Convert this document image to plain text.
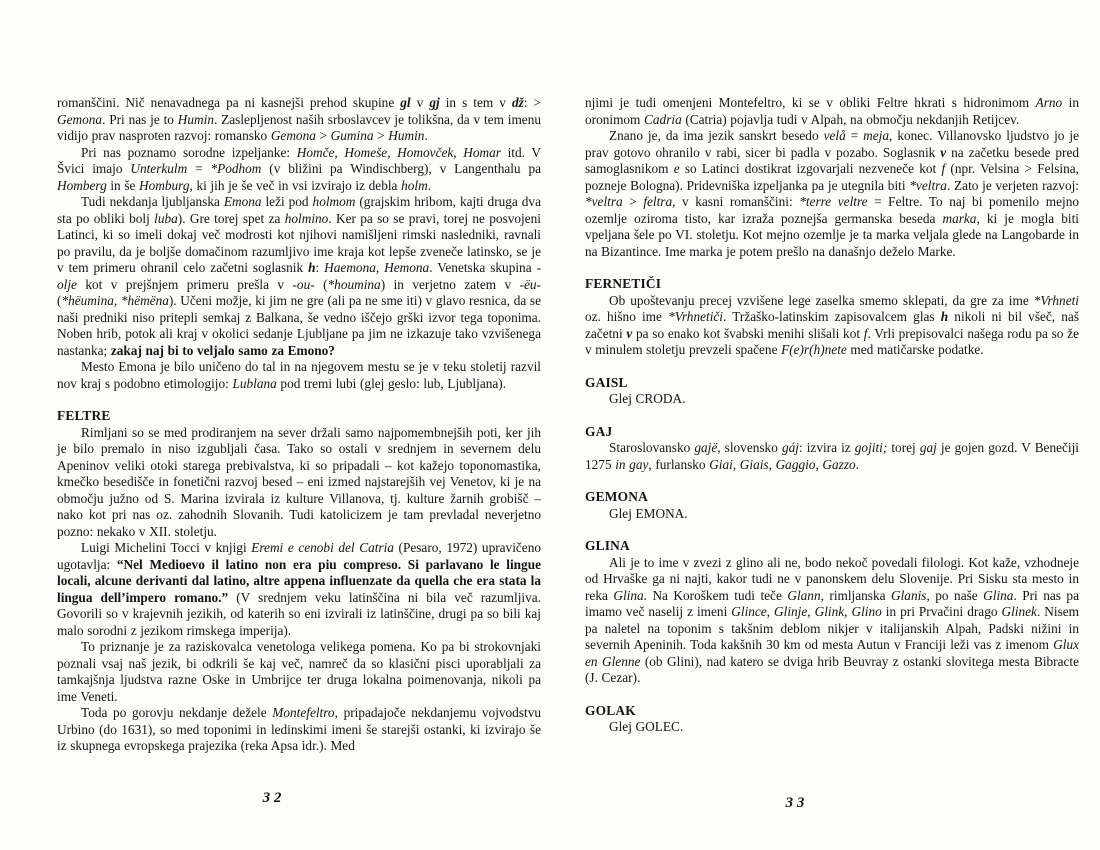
romanščini. Nič nenavadnega pa ni kasnejši prehod skupine gl v gj in s tem v dž: > Gemona. Pri nas je to Humin. Zaslepljenost naših srboslavcev je tolikšna, da v tem imenu vidijo prav nasproten razvoj: romansko Gemona > Gumina > Humin.

Pri nas poznamo sorodne izpeljanke: Homče, Homeše, Homovček, Homar itd. V Švici imajo Unterkulm = *Podhom (v bližini pa Windischberg), v Langenthalu pa Homberg in še Homburg, ki jih je še več in vsi izvirajo iz debla holm.

Tudi nekdanja ljubljanska Emona leži pod holmom (grajskim hribom, kajti druga dva sta po obliki bolj luba). Gre torej spet za holmino. Ker pa so se pravi, torej ne posvojeni Latinci, ki so imeli dokaj več modrosti kot njihovi namišljeni rimski nasledniki, ravnali po pravilu, da je boljše domačinom razumljivo ime kraja kot lepše zveneče latinsko, se je v tem primeru ohranil celo začetni soglasnik h: Haemona, Hemona. Venetska skupina -olje kot v prejšnjem primeru prešla v -ou- (*houmina) in verjetno zatem v -ëu- (*hëumina, *hëmëna). Učeni možje, ki jim ne gre (ali pa ne sme iti) v glavo resnica, da se naši predniki niso pritepli semkaj z Balkana, še vedno iščejo grški izvor tega toponima. Noben hrib, potok ali kraj v okolici sedanje Ljubljane pa jim ne izkazuje tako vzvišenega nastanka; zakaj naj bi to veljalo samo za Emono?

Mesto Emona je bilo uničeno do tal in na njegovem mestu se je v teku stoletij razvil nov kraj s podobno etimologijo: Lublana pod tremi lubi (glej geslo: lub, Ljubljana).

FELTRE

Rimljani so se med prodiranjem na sever držali samo najpomembnejših poti, ker jih je bilo premalo in niso izgubljali časa. Tako so ostali v srednjem in severnem delu Apeninov veliki otoki starega prebivalstva, ki so pripadali – kot kažejo toponomastika, kmečko besedišče in fonetični razvoj besed – eni izmed najstarejših vej Venetov, ki je na območju južno od S. Marina izvirala iz kulture Villanova, tj. kulture žarnih grobišč – nako kot pri nas oz. zahodnih Slovanih. Tudi katolicizem je tam prevladal neverjetno pozno: nekako v XII. stoletju.

Luigi Michelini Tocci v knjigi Eremi e cenobi del Catria (Pesaro, 1972) upravičeno ugotavlja: “Nel Medioevo il latino non era piu compreso. Si parlavano le lingue locali, alcune derivanti dal latino, altre appena influenzate da quella che era stata la lingua dell’impero romano.” (V srednjem veku latinščina ni bila več razumljiva. Govorili so v krajevnih jezikih, od katerih so eni izvirali iz latinščine, drugi pa so bili kaj malo sorodni z jezikom rimskega imperija).

To priznanje je za raziskovalca venetologa velikega pomena. Ko pa bi strokovnjaki poznali vsaj naš jezik, bi odkrili še kaj več, namreč da so klasični pisci uporabljali za tamkajšnja ljudstva razne Oske in Umbrijce ter druga lokalna poimenovanja, nikoli pa ime Veneti.

Toda po gorovju nekdanje dežele Montefeltro, pripadajoče nekdanjemu vojvodstvu Urbino (do 1631), so med toponimi in ledinskimi imeni še starejši ostanki, ki izvirajo še iz skupnega evropskega prajezika (reka Apsa idr.). Med

njimi je tudi omenjeni Montefeltro, ki se v obliki Feltre hkrati s hidronimom Arno in oronimom Cadria (Catria) pojavlja tudi v Alpah, na območju nekdanjih Retijcev.

Znano je, da ima jezik sanskrt besedo velå = meja, konec. Villanovsko ljudstvo jo je prav gotovo ohranilo v rabi, sicer bi padla v pozabo. Soglasnik v na začetku besede pred samoglasnikom e so Latinci dostikrat izgovarjali nezveneče kot f (npr. Velsina > Felsina, pozneje Bologna). Pridevniška izpeljanka pa je utegnila biti *veltra. Zato je verjeten razvoj: *veltra > feltra, v kasni romanščini: *terre veltre = Feltre. To naj bi pomenilo mejno ozemlje oziroma tisto, kar izraža poznejša germanska beseda marka, ki je mogla biti vpeljana šele po VI. stoletju. Kot mejno ozemlje je ta marka veljala glede na Langobarde in na Bizantince. Ime marka je potem prešlo na današnjo deželo Marke.

FERNETIČI

Ob upoštevanju precej vzvišene lege zaselka smemo sklepati, da gre za ime *Vrhneti oz. hišno ime *Vrhnetiči. Tržaško-latinskim zapisovalcem glas h nikoli ni bil všeč, naš začetni v pa so enako kot švabski menihi slišali kot f. Vrli prepisovalci našega rodu pa so že v minulem stoletju prevzeli spačene F(e)r(h)nete med matičarske podatke.

GAISL

Glej CRODA.

GAJ

Staroslovansko gajë, slovensko gáj: izvira iz gojiti; torej gaj je gojen gozd. V Benečiji 1275 in gay, furlansko Giai, Giais, Gaggio, Gazzo.

GEMONA

Glej EMONA.

GLINA

Ali je to ime v zvezi z glino ali ne, bodo nekoč povedali filologi. Kot kaže, vzhodneje od Hrvaške ga ni najti, kakor tudi ne v panonskem delu Slovenije. Pri Sisku sta mesto in reka Glina. Na Koroškem tudi teče Glann, rimljanska Glanis, po naše Glina. Pri nas pa imamo več naselij z imeni Glince, Glinje, Glink, Glino in pri Prvačini drago Glinek. Nisem pa naletel na toponim s takšnim deblom nikjer v italijanskih Alpah, Padski nižini in severnih Apeninih. Toda kakšnih 30 km od mesta Autun v Franciji leži vas z imenom Glux en Glenne (ob Glini), nad katero se dviga hrib Beuvray z ostanki slovitega mesta Bibracte (J. Cezar).

GOLAK

Glej GOLEC.

3 2	3 3
